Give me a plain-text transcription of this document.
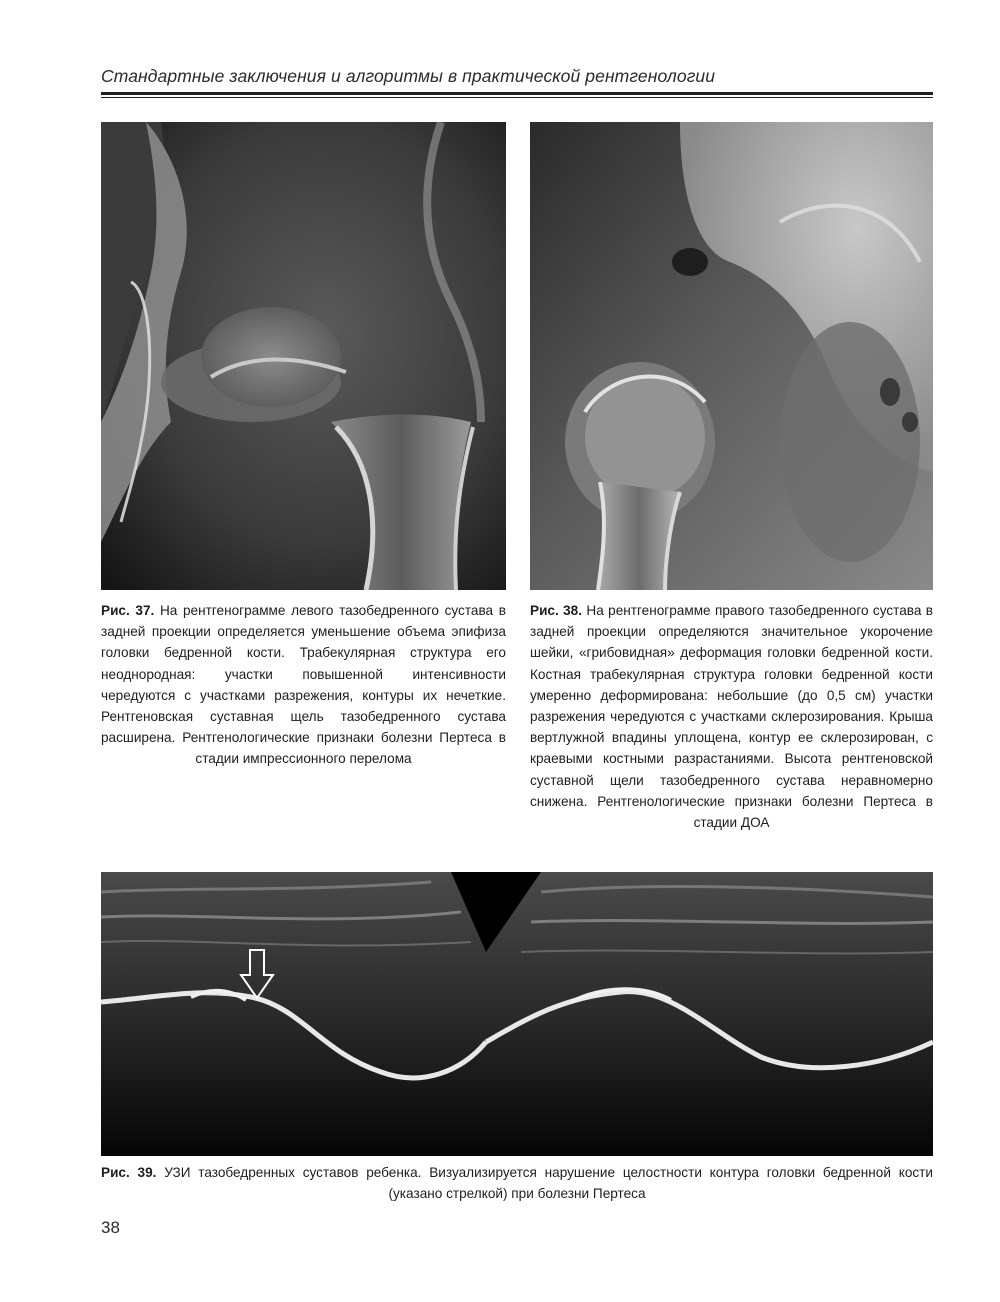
Стандартные заключения и алгоритмы в практической рентгенологии
Рис. 37. На рентгенограмме левого тазобедренного сустава в задней проекции определяется уменьшение объема эпифиза головки бедренной кости. Трабекулярная структура его неоднородная: участки повышенной интенсивности чередуются с участками разрежения, контуры их нечеткие. Рентгеновская суставная щель тазобедренного сустава расширена. Рентгенологические признаки болезни Пертеса в стадии импрессионного перелома
Рис. 38. На рентгенограмме правого тазобедренного сустава в задней проекции определяются значительное укорочение шейки, «грибовидная» деформация головки бедренной кости. Костная трабекулярная структура головки бедренной кости умеренно деформирована: небольшие (до 0,5 см) участки разрежения чередуются с участками склерозирования. Крыша вертлужной впадины уплощена, контур ее склерозирован, с краевыми костными разрастаниями. Высота рентгеновской суставной щели тазобедренного сустава неравномерно снижена. Рентгенологические признаки болезни Пертеса в стадии ДОА
Рис. 39. УЗИ тазобедренных суставов ребенка. Визуализируется нарушение целостности контура головки бедренной кости (указано стрелкой) при болезни Пертеса
38
